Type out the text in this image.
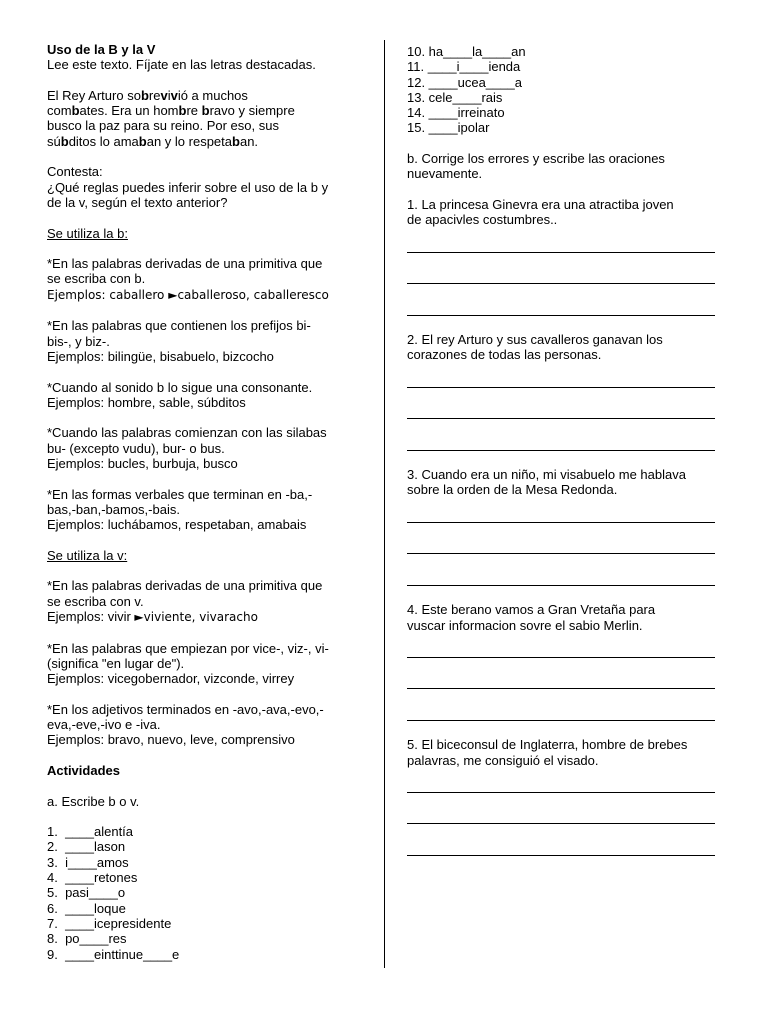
Uso de la B y la V

Lee este texto. Fíjate en las letras destacadas.

El Rey Arturo sobrevivió a muchos

combates. Era un hombre bravo y siempre

busco la paz para su reino. Por eso, sus

súbditos lo amaban y lo respetaban.

Contesta:

¿Qué reglas puedes inferir sobre el uso de la b y

de la v, según el texto anterior?

Se utiliza la b:

*En las palabras derivadas de una primitiva que

se escriba con b.

Ejemplos: caballero ►caballeroso, caballeresco

*En las palabras que contienen los prefijos bi-

bis-, y biz-.

Ejemplos: bilingüe, bisabuelo, bizcocho

*Cuando al sonido b lo sigue una consonante.

Ejemplos: hombre, sable, súbditos

*Cuando las palabras comienzan con las silabas

bu- (excepto vudu), bur- o bus.

Ejemplos: bucles, burbuja, busco

*En las formas verbales que terminan en -ba,-

bas,-ban,-bamos,-bais.

Ejemplos: luchábamos, respetaban, amabais

Se utiliza la v:

*En las palabras derivadas de una primitiva que

se escriba con v.

Ejemplos: vivir ►viviente, vivaracho

*En las palabras que empiezan por vice-, viz-, vi-

(significa "en lugar de").

Ejemplos: vicegobernador, vizconde, virrey

*En los adjetivos terminados en -avo,-ava,-evo,-

eva,-eve,-ivo e -iva.

Ejemplos: bravo, nuevo, leve, comprensivo

Actividades

a. Escribe b o v.

1.  ____alentía

2.  ____lason

3.  i____amos

4.  ____retones

5.  pasi____o

6.  ____loque

7.  ____icepresidente

8.  po____res

9.  ____einttinue____e

10. ha____la____an

11. ____i____ienda

12. ____ucea____a

13. cele____rais

14. ____irreinato

15. ____ipolar

b. Corrige los errores y escribe las oraciones

nuevamente.

1. La princesa Ginevra era una atractiba joven

de apacivles costumbres..

2. El rey Arturo y sus cavalleros ganavan los

corazones de todas las personas.

3. Cuando era un niño, mi visabuelo me hablava

sobre la orden de la Mesa Redonda.

4. Este berano vamos a Gran Vretaña para

vuscar informacion sovre el sabio Merlin.

5. El biceconsul de Inglaterra, hombre de brebes

palavras, me consiguió el visado.
